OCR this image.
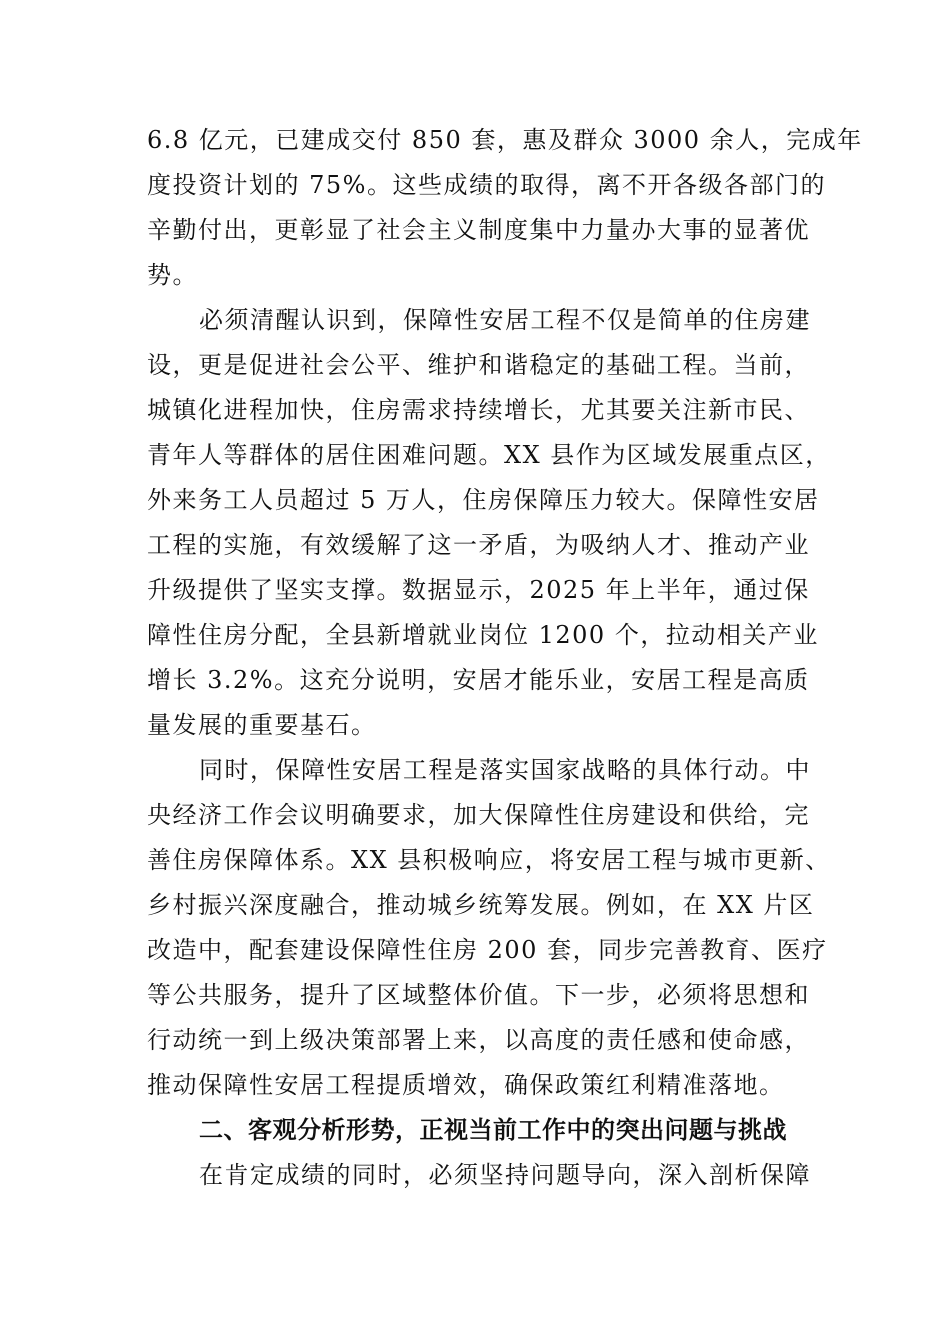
6.8 亿元，已建成交付 850 套，惠及群众 3000 余人，完成年
度投资计划的 75%。这些成绩的取得，离不开各级各部门的
辛勤付出，更彰显了社会主义制度集中力量办大事的显著优
势。
必须清醒认识到，保障性安居工程不仅是简单的住房建
设，更是促进社会公平、维护和谐稳定的基础工程。当前，
城镇化进程加快，住房需求持续增长，尤其要关注新市民、
青年人等群体的居住困难问题。XX 县作为区域发展重点区，
外来务工人员超过 5 万人，住房保障压力较大。保障性安居
工程的实施，有效缓解了这一矛盾，为吸纳人才、推动产业
升级提供了坚实支撑。数据显示，2025 年上半年，通过保
障性住房分配，全县新增就业岗位 1200 个，拉动相关产业
增长 3.2%。这充分说明，安居才能乐业，安居工程是高质
量发展的重要基石。
同时，保障性安居工程是落实国家战略的具体行动。中
央经济工作会议明确要求，加大保障性住房建设和供给，完
善住房保障体系。XX 县积极响应，将安居工程与城市更新、
乡村振兴深度融合，推动城乡统筹发展。例如，在 XX 片区
改造中，配套建设保障性住房 200 套，同步完善教育、医疗
等公共服务，提升了区域整体价值。下一步，必须将思想和
行动统一到上级决策部署上来，以高度的责任感和使命感，
推动保障性安居工程提质增效，确保政策红利精准落地。
二、客观分析形势，正视当前工作中的突出问题与挑战
在肯定成绩的同时，必须坚持问题导向，深入剖析保障
